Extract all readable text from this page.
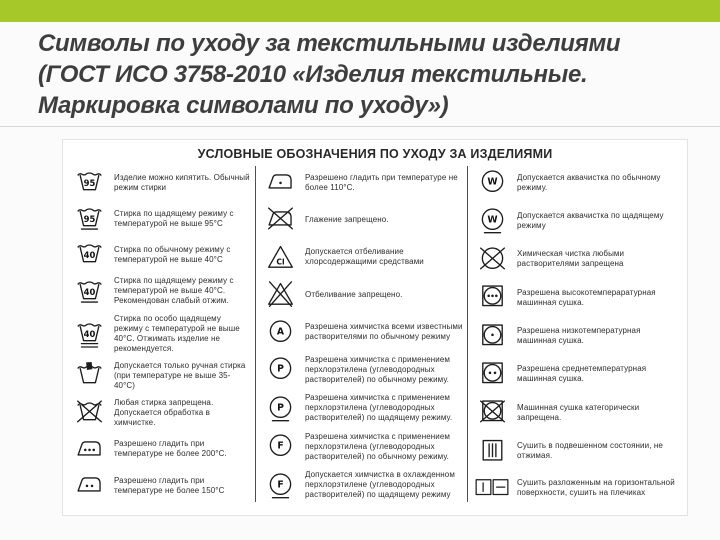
Символы по уходу за текстильными изделиями
(ГОСТ ИСО 3758-2010 «Изделия текстильные.
Маркировка символами по уходу»)
УСЛОВНЫЕ ОБОЗНАЧЕНИЯ ПО УХОДУ ЗА ИЗДЕЛИЯМИ
95
Изделие можно кипятить. Обычный режим стирки
95
Стирка по щадящему режиму с температурой не выше 95°С
40
Стирка по обычному режиму с температурой не выше 40°С
40
Стирка по щадящему режиму с температурой не выше 40°С. Рекомендован слабый отжим.
40
Стирка по особо щадящему режиму с температурой не выше 40°С. Отжимать изделие не рекомендуется.
Допускается только ручная стирка (при температуре не выше 35-40°С)
Любая стирка запрещена. Допускается обработка в химчистке.
Разрешено гладить при температуре не более 200°С.
Разрешено гладить при температуре не более 150°С
Разрешено гладить при температуре не более 110°С.
Глажение запрещено.
Cl
Допускается отбеливание хлорсодержащими средствами
Отбеливание запрещено.
A	Разрешена химчистка всеми известными растворителями по обычному режиму
P
Разрешена химчистка с применением перхлорэтилена (углеводородных растворителей) по обычному режиму.
P
Разрешена химчистка с применением перхлорэтилена (углеводородных растворителей) по щадящему режиму.
F
Разрешена химчистка с применением перхлорэтилена (углеводородных растворителей) по обычному режиму.
F
Допускается химчистка в охлажденном перхлорэтилене (углеводородных растворителей) по щадящему режиму
W Допускается аквачистка по обычному режиму.
W Допускается аквачистка по щадящему режиму
Химическая чистка любыми растворителями запрещена
Разрешена высокотемпераратурная машинная сушка.
Разрешена низкотемпературная машинная сушка.
Разрешена среднетемпературная машинная сушка.
Машинная сушка категорически запрещена.
Сушить в подвешенном состоянии, не отжимая.
Сушить разложенным на горизонтальной поверхности, сушить на плечиках
